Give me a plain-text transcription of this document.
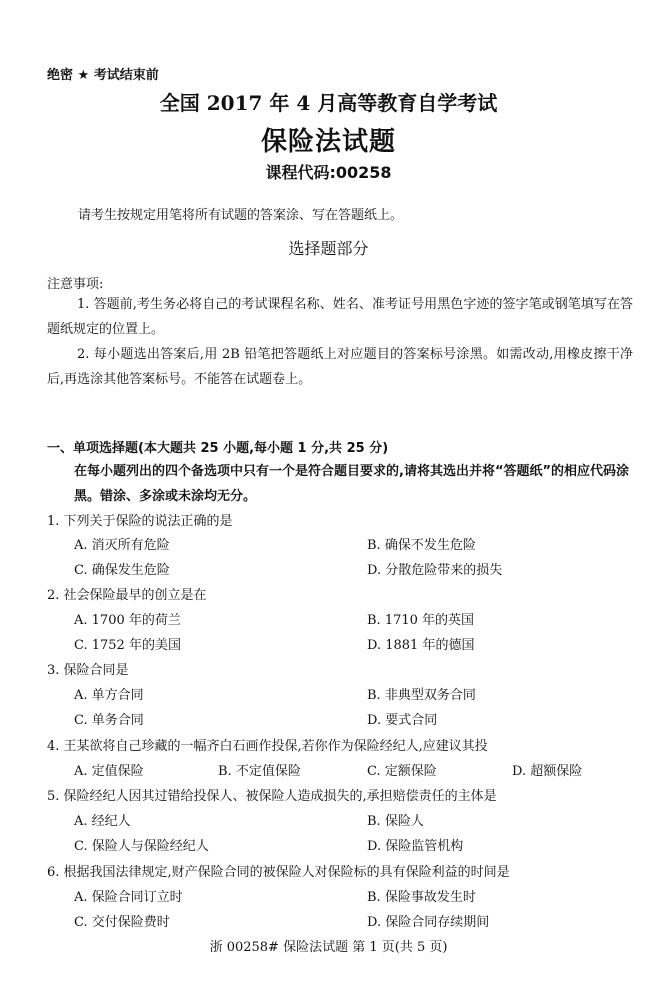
绝密 ★ 考试结束前
全国 2017 年 4 月高等教育自学考试
保险法试题
课程代码:00258
请考生按规定用笔将所有试题的答案涂、写在答题纸上。
选择题部分
注意事项:
1. 答题前,考生务必将自己的考试课程名称、姓名、准考证号用黑色字迹的签字笔或钢笔填写在答题纸规定的位置上。
2. 每小题选出答案后,用 2B 铅笔把答题纸上对应题目的答案标号涂黑。如需改动,用橡皮擦干净后,再选涂其他答案标号。不能答在试题卷上。
一、单项选择题(本大题共 25 小题,每小题 1 分,共 25 分)
在每小题列出的四个备选项中只有一个是符合题目要求的,请将其选出并将“答题纸”的相应代码涂黑。错涂、多涂或未涂均无分。
1. 下列关于保险的说法正确的是
A. 消灭所有危险	B. 确保不发生危险
C. 确保发生危险	D. 分散危险带来的损失
2. 社会保险最早的创立是在
A. 1700 年的荷兰	B. 1710 年的英国
C. 1752 年的美国	D. 1881 年的德国
3. 保险合同是
A. 单方合同	B. 非典型双务合同
C. 单务合同	D. 要式合同
4. 王某欲将自己珍藏的一幅齐白石画作投保,若你作为保险经纪人,应建议其投
A. 定值保险	B. 不定值保险	C. 定额保险	D. 超额保险
5. 保险经纪人因其过错给投保人、被保险人造成损失的,承担赔偿责任的主体是
A. 经纪人	B. 保险人
C. 保险人与保险经纪人	D. 保险监管机构
6. 根据我国法律规定,财产保险合同的被保险人对保险标的具有保险利益的时间是
A. 保险合同订立时	B. 保险事故发生时
C. 交付保险费时	D. 保险合同存续期间
浙 00258# 保险法试题 第 1 页(共 5 页)
